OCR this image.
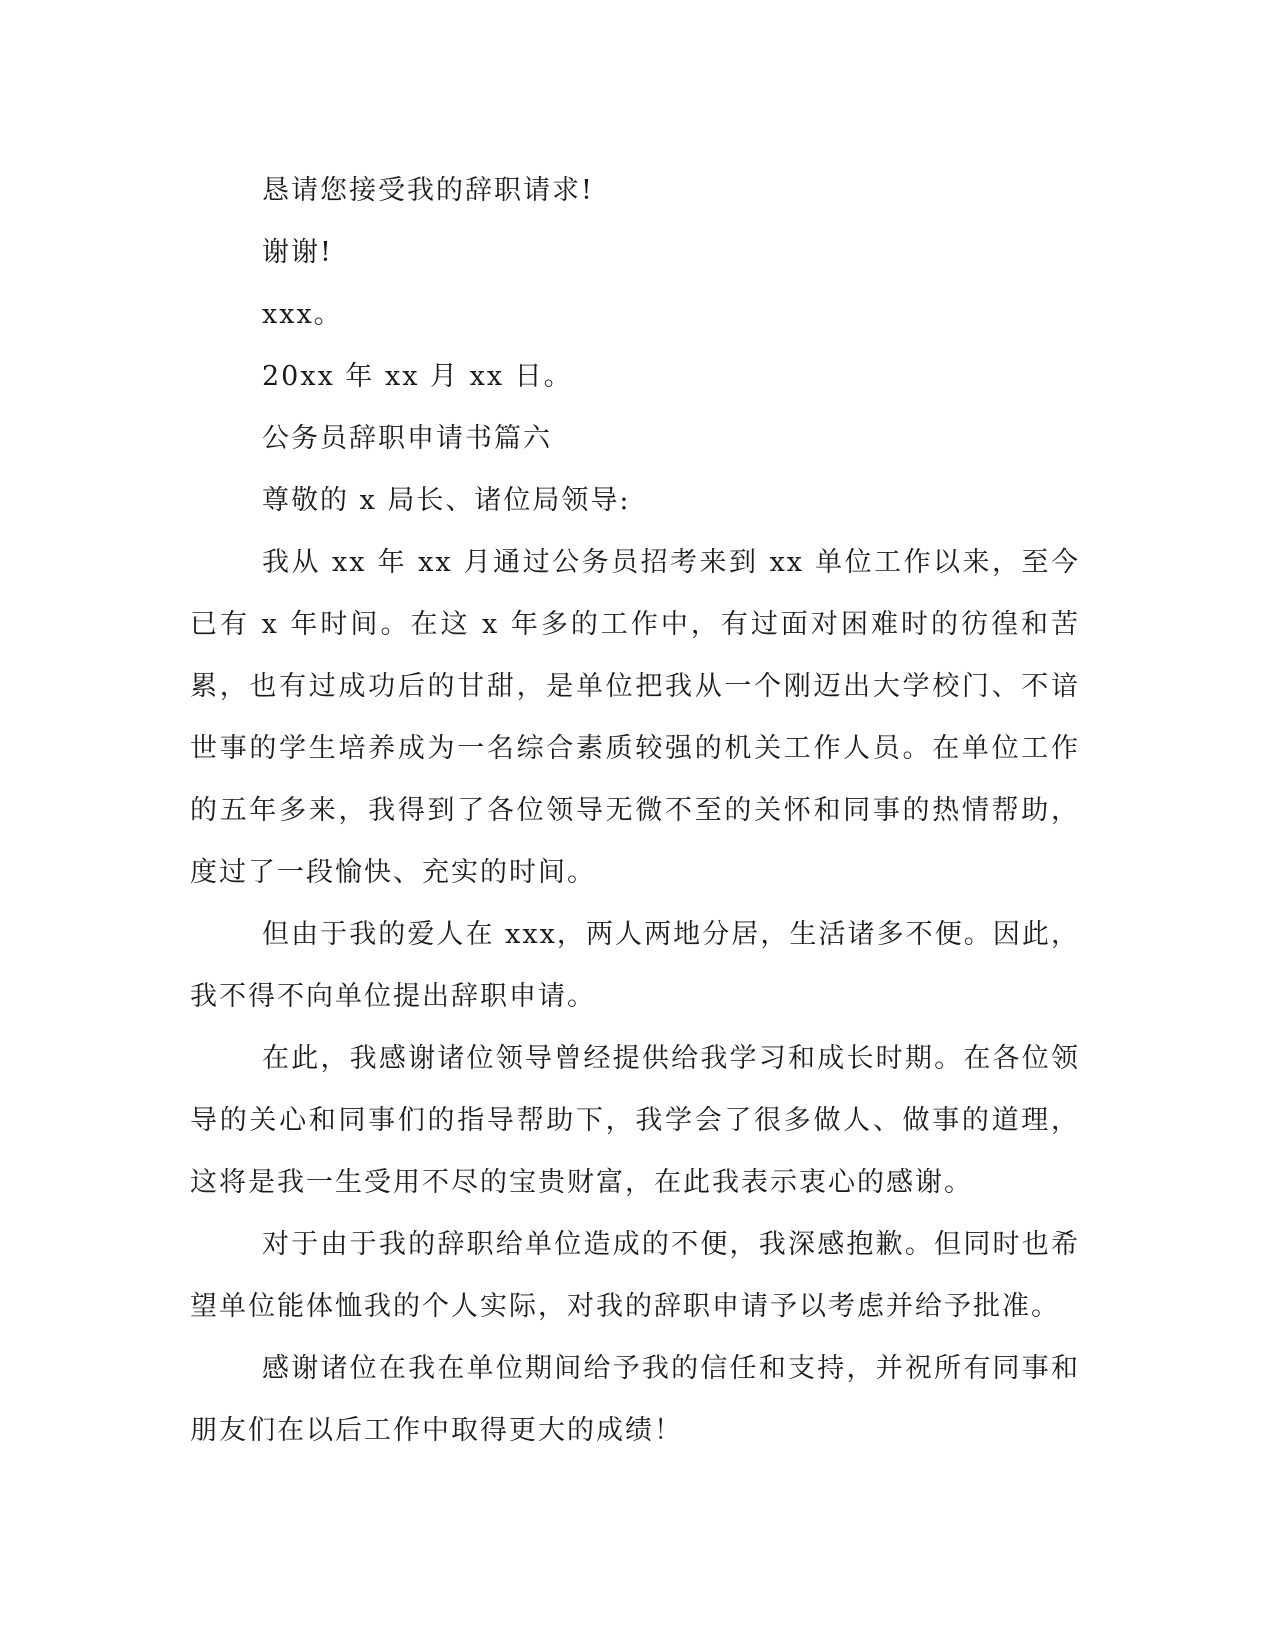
恳请您接受我的辞职请求!

谢谢!

xxx。

20xx 年 xx 月 xx 日。

公务员辞职申请书篇六

尊敬的 x 局长、诸位局领导:

我从 xx 年 xx 月通过公务员招考来到 xx 单位工作以来，至今已有 x 年时间。在这 x 年多的工作中，有过面对困难时的彷徨和苦累，也有过成功后的甘甜，是单位把我从一个刚迈出大学校门、不谙世事的学生培养成为一名综合素质较强的机关工作人员。在单位工作的五年多来，我得到了各位领导无微不至的关怀和同事的热情帮助，度过了一段愉快、充实的时间。

但由于我的爱人在 xxx，两人两地分居，生活诸多不便。因此，我不得不向单位提出辞职申请。

在此，我感谢诸位领导曾经提供给我学习和成长时期。在各位领导的关心和同事们的指导帮助下，我学会了很多做人、做事的道理，这将是我一生受用不尽的宝贵财富，在此我表示衷心的感谢。

对于由于我的辞职给单位造成的不便，我深感抱歉。但同时也希望单位能体恤我的个人实际，对我的辞职申请予以考虑并给予批准。

感谢诸位在我在单位期间给予我的信任和支持，并祝所有同事和朋友们在以后工作中取得更大的成绩！
